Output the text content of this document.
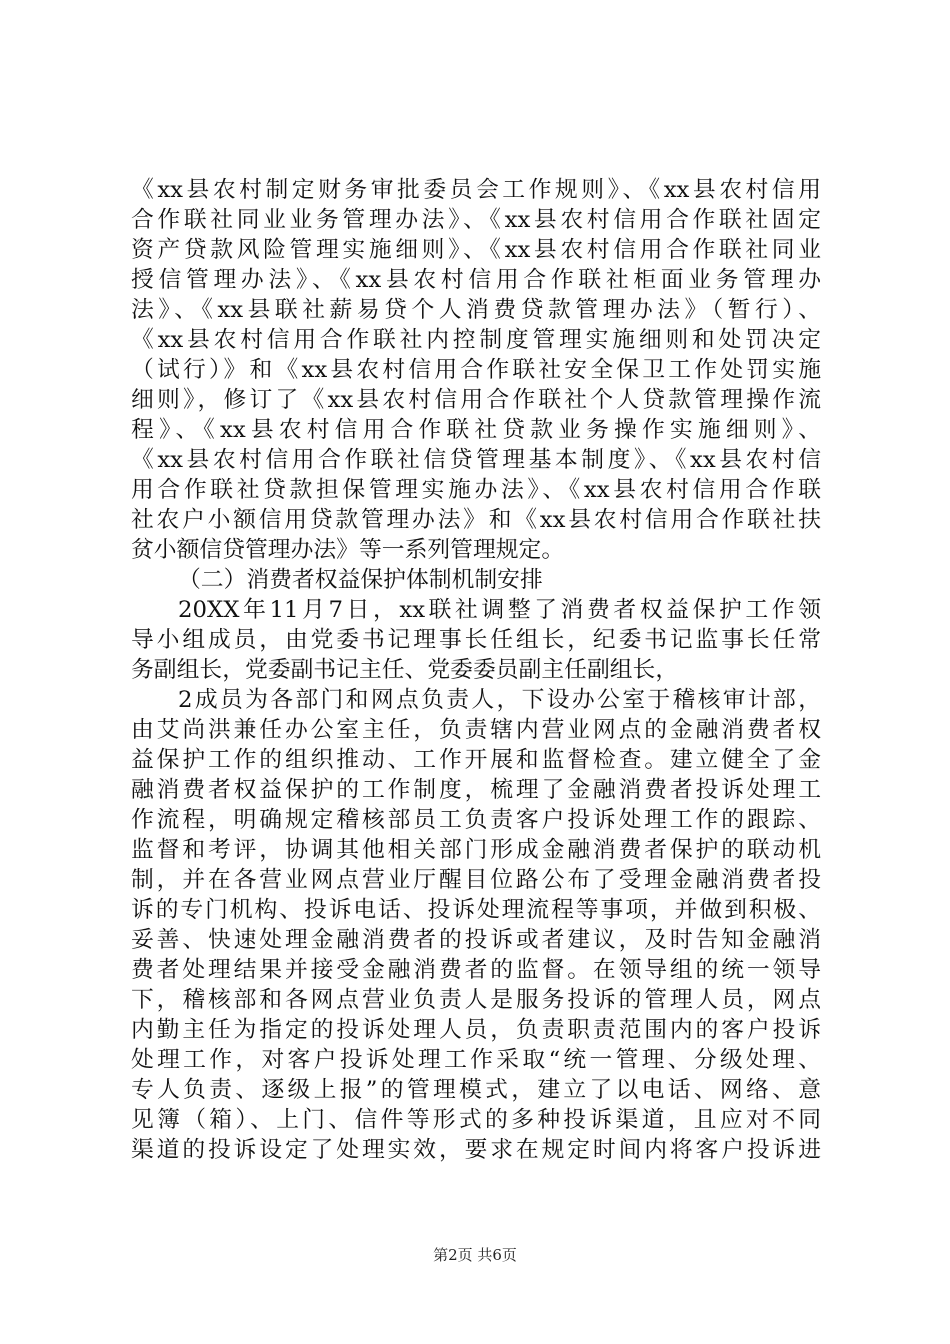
《xx县农村制定财务审批委员会工作规则》、《xx县农村信用
合作联社同业业务管理办法》、《xx县农村信用合作联社固定
资产贷款风险管理实施细则》、《xx县农村信用合作联社同业
授信管理办法》、《xx县农村信用合作联社柜面业务管理办
法》、《xx县联社薪易贷个人消费贷款管理办法》（暂行）、
《xx县农村信用合作联社内控制度管理实施细则和处罚决定
（试行）》和《xx县农村信用合作联社安全保卫工作处罚实施
细则》，修订了《xx县农村信用合作联社个人贷款管理操作流
程》、《xx县农村信用合作联社贷款业务操作实施细则》、
《xx县农村信用合作联社信贷管理基本制度》、《xx县农村信
用合作联社贷款担保管理实施办法》、《xx县农村信用合作联
社农户小额信用贷款管理办法》和《xx县农村信用合作联社扶
贫小额信贷管理办法》等一系列管理规定。
（二）消费者权益保护体制机制安排
20XX年11月7日，xx联社调整了消费者权益保护工作领
导小组成员，由党委书记理事长任组长，纪委书记监事长任常
务副组长，党委副书记主任、党委委员副主任副组长，
2成员为各部门和网点负责人，下设办公室于稽核审计部，
由艾尚洪兼任办公室主任，负责辖内营业网点的金融消费者权
益保护工作的组织推动、工作开展和监督检查。建立健全了金
融消费者权益保护的工作制度，梳理了金融消费者投诉处理工
作流程，明确规定稽核部员工负责客户投诉处理工作的跟踪、
监督和考评，协调其他相关部门形成金融消费者保护的联动机
制，并在各营业网点营业厅醒目位路公布了受理金融消费者投
诉的专门机构、投诉电话、投诉处理流程等事项，并做到积极、
妥善、快速处理金融消费者的投诉或者建议，及时告知金融消
费者处理结果并接受金融消费者的监督。在领导组的统一领导
下，稽核部和各网点营业负责人是服务投诉的管理人员，网点
内勤主任为指定的投诉处理人员，负责职责范围内的客户投诉
处理工作，对客户投诉处理工作采取“统一管理、分级处理、
专人负责、逐级上报”的管理模式，建立了以电话、网络、意
见簿（箱）、上门、信件等形式的多种投诉渠道，且应对不同
渠道的投诉设定了处理实效，要求在规定时间内将客户投诉进
第2页 共6页
